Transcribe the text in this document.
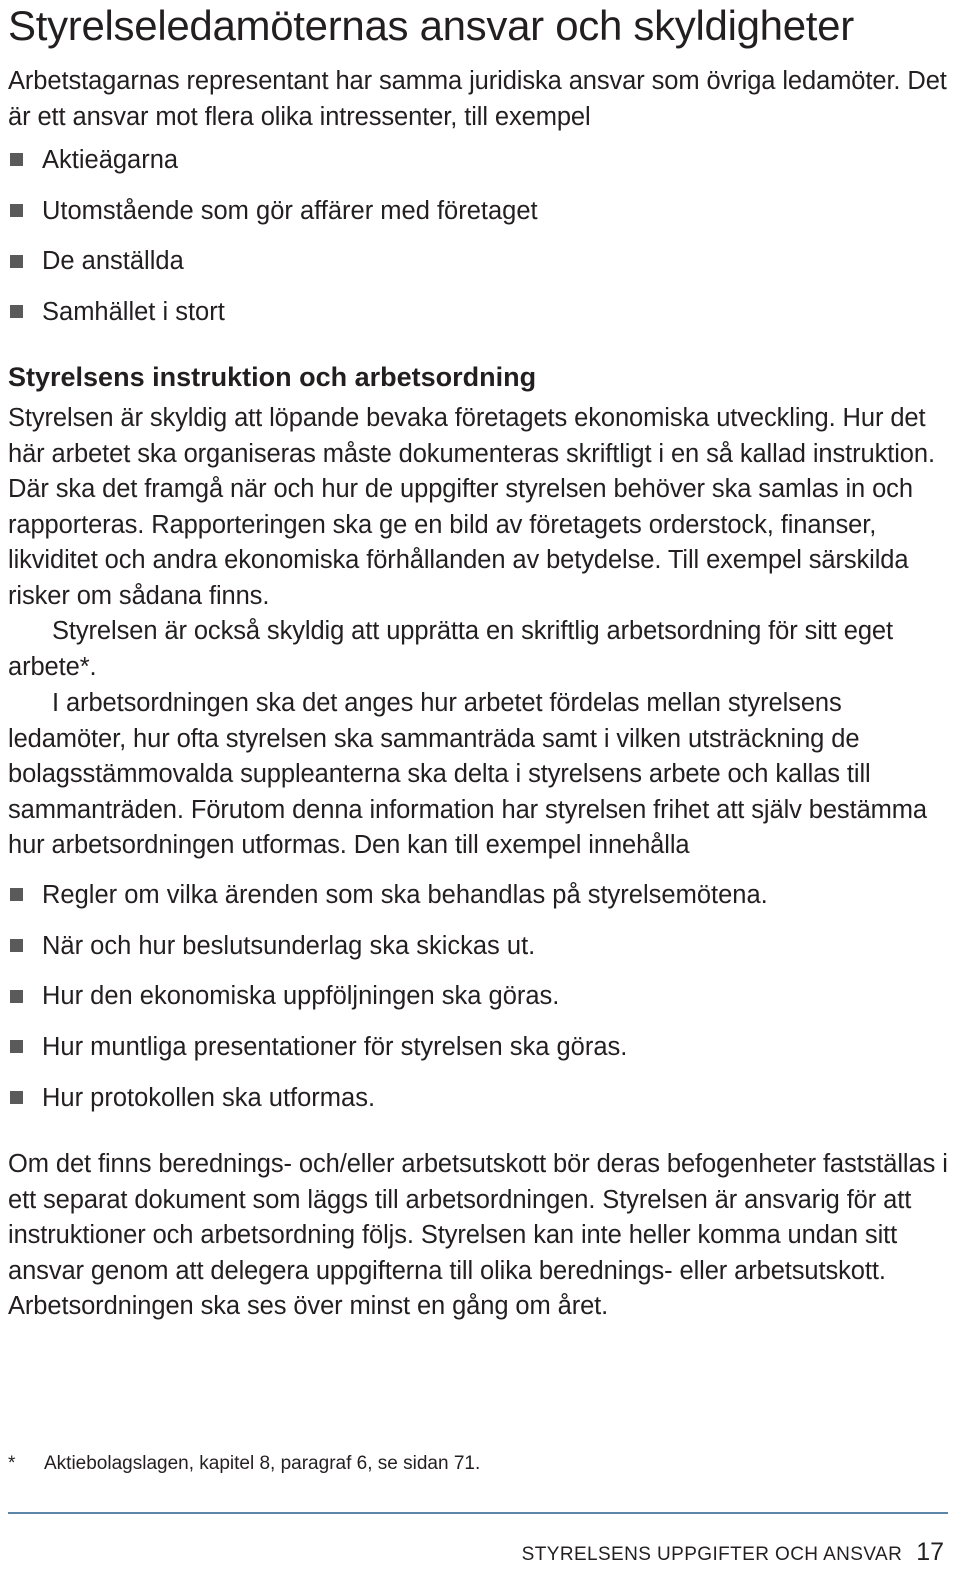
Styrelseledamöternas ansvar och skyldigheter

Arbetstagarnas representant har samma juridiska ansvar som övriga ledamöter. Det är ett ansvar mot flera olika intressenter, till exempel

Aktieägarna
Utomstående som gör affärer med företaget
De anställda
Samhället i stort
Styrelsens instruktion och arbetsordning

Styrelsen är skyldig att löpande bevaka företagets ekonomiska utveckling. Hur det här arbetet ska organiseras måste dokumenteras skriftligt i en så kallad instruktion. Där ska det framgå när och hur de uppgifter styrelsen behöver ska samlas in och rapporteras. Rapporteringen ska ge en bild av företagets orderstock, finanser, likviditet och andra ekonomiska förhållanden av betydelse. Till exempel särskilda risker om sådana finns.

Styrelsen är också skyldig att upprätta en skriftlig arbetsordning för sitt eget arbete*.

I arbetsordningen ska det anges hur arbetet fördelas mellan styrelsens ledamöter, hur ofta styrelsen ska sammanträda samt i vilken utsträckning de bolagsstämmovalda suppleanterna ska delta i styrelsens arbete och kallas till sammanträden. Förutom denna information har styrelsen frihet att själv bestämma hur arbetsordningen utformas. Den kan till exempel innehålla

Regler om vilka ärenden som ska behandlas på styrelsemötena.
När och hur beslutsunderlag ska skickas ut.
Hur den ekonomiska uppföljningen ska göras.
Hur muntliga presentationer för styrelsen ska göras.
Hur protokollen ska utformas.

Om det finns berednings- och/eller arbetsutskott bör deras befogenheter fastställas i ett separat dokument som läggs till arbetsordningen. Styrelsen är ansvarig för att instruktioner och arbetsordning följs. Styrelsen kan inte heller komma undan sitt ansvar genom att delegera uppgifterna till olika berednings- eller arbetsutskott. Arbetsordningen ska ses över minst en gång om året.

* Aktiebolagslagen, kapitel 8, paragraf 6, se sidan 71.
STYRELSENS UPPGIFTER OCH ANSVAR 17
